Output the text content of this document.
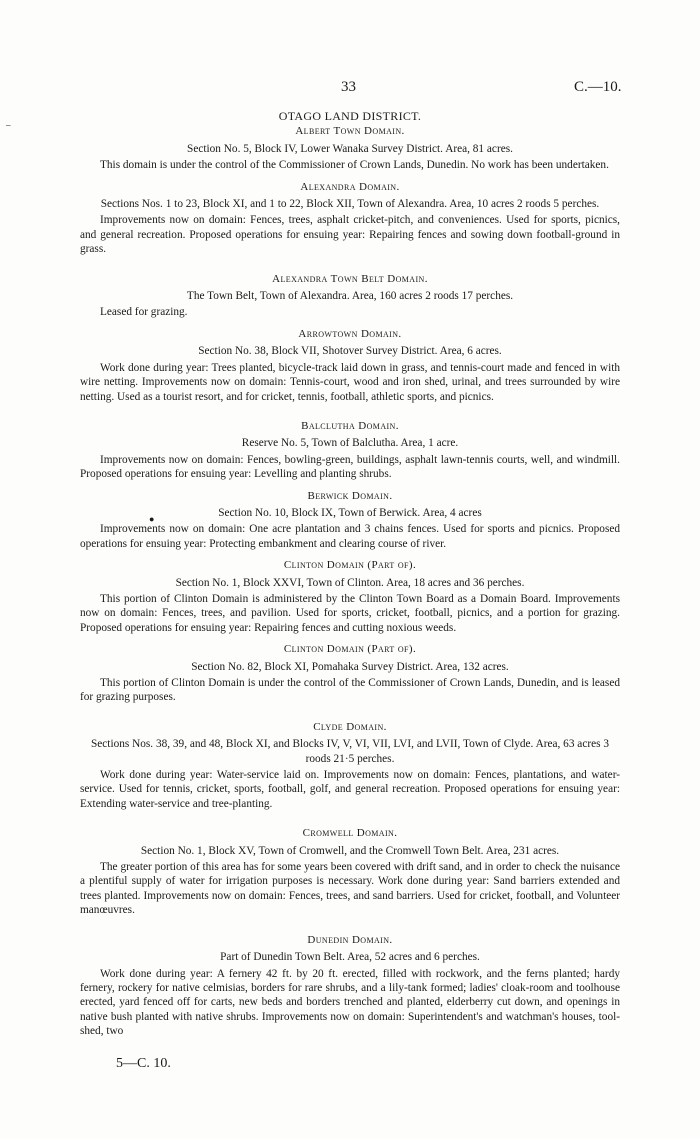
33	C.—10.
–
●
OTAGO LAND DISTRICT.
Albert Town Domain.

Section No. 5, Block IV, Lower Wanaka Survey District. Area, 81 acres.

This domain is under the control of the Commissioner of Crown Lands, Dunedin. No work has been undertaken.

Alexandra Domain.

Sections Nos. 1 to 23, Block XI, and 1 to 22, Block XII, Town of Alexandra. Area, 10 acres 2 roods 5 perches.

Improvements now on domain: Fences, trees, asphalt cricket-pitch, and conveniences. Used for sports, picnics, and general recreation. Proposed operations for ensuing year: Repairing fences and sowing down football-ground in grass.

Alexandra Town Belt Domain.

The Town Belt, Town of Alexandra. Area, 160 acres 2 roods 17 perches.

Leased for grazing.

Arrowtown Domain.

Section No. 38, Block VII, Shotover Survey District. Area, 6 acres.

Work done during year: Trees planted, bicycle-track laid down in grass, and tennis-court made and fenced in with wire netting. Improvements now on domain: Tennis-court, wood and iron shed, urinal, and trees surrounded by wire netting. Used as a tourist resort, and for cricket, tennis, football, athletic sports, and picnics.

Balclutha Domain.

Reserve No. 5, Town of Balclutha. Area, 1 acre.

Improvements now on domain: Fences, bowling-green, buildings, asphalt lawn-tennis courts, well, and windmill. Proposed operations for ensuing year: Levelling and planting shrubs.

Berwick Domain.

Section No. 10, Block IX, Town of Berwick. Area, 4 acres

Improvements now on domain: One acre plantation and 3 chains fences. Used for sports and picnics. Proposed operations for ensuing year: Protecting embankment and clearing course of river.

Clinton Domain (Part of).

Section No. 1, Block XXVI, Town of Clinton. Area, 18 acres and 36 perches.

This portion of Clinton Domain is administered by the Clinton Town Board as a Domain Board. Improvements now on domain: Fences, trees, and pavilion. Used for sports, cricket, football, picnics, and a portion for grazing. Proposed operations for ensuing year: Repairing fences and cutting noxious weeds.

Clinton Domain (Part of).

Section No. 82, Block XI, Pomahaka Survey District. Area, 132 acres.

This portion of Clinton Domain is under the control of the Commissioner of Crown Lands, Dunedin, and is leased for grazing purposes.

Clyde Domain.

Sections Nos. 38, 39, and 48, Block XI, and Blocks IV, V, VI, VII, LVI, and LVII, Town of Clyde. Area, 63 acres 3 roods 21·5 perches.

Work done during year: Water-service laid on. Improvements now on domain: Fences, plantations, and water-service. Used for tennis, cricket, sports, football, golf, and general recreation. Proposed operations for ensuing year: Extending water-service and tree-planting.

Cromwell Domain.

Section No. 1, Block XV, Town of Cromwell, and the Cromwell Town Belt. Area, 231 acres.

The greater portion of this area has for some years been covered with drift sand, and in order to check the nuisance a plentiful supply of water for irrigation purposes is necessary. Work done during year: Sand barriers extended and trees planted. Improvements now on domain: Fences, trees, and sand barriers. Used for cricket, football, and Volunteer manœuvres.

Dunedin Domain.

Part of Dunedin Town Belt. Area, 52 acres and 6 perches.

Work done during year: A fernery 42 ft. by 20 ft. erected, filled with rockwork, and the ferns planted; hardy fernery, rockery for native celmisias, borders for rare shrubs, and a lily-tank formed; ladies' cloak-room and toolhouse erected, yard fenced off for carts, new beds and borders trenched and planted, elderberry cut down, and openings in native bush planted with native shrubs. Improvements now on domain: Superintendent's and watchman's houses, tool-shed, two

5—C. 10.
